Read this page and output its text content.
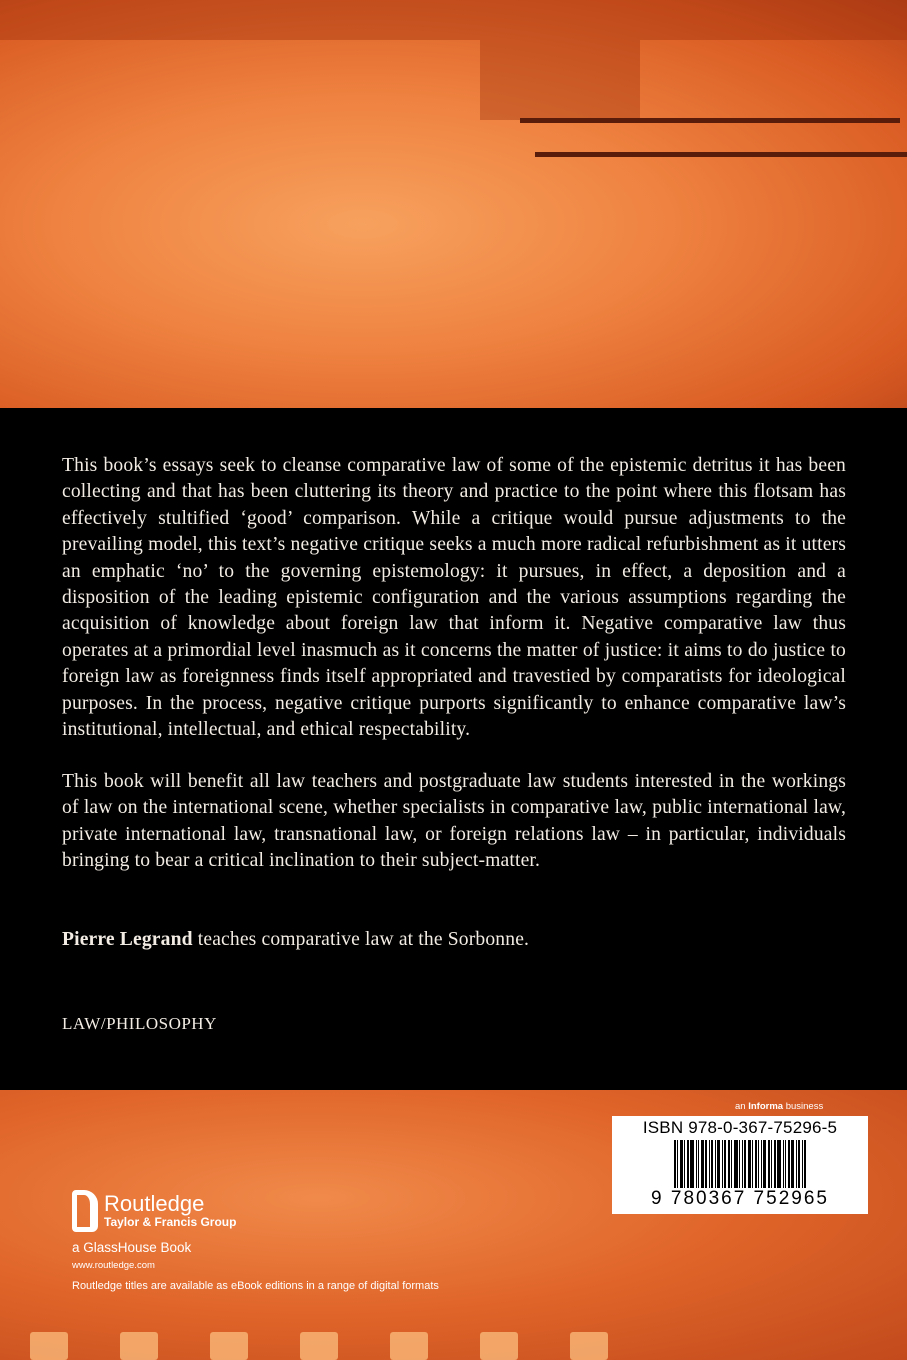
This book’s essays seek to cleanse comparative law of some of the epistemic detritus it has been collecting and that has been cluttering its theory and practice to the point where this flotsam has effectively stultified ‘good’ comparison. While a critique would pursue adjustments to the prevailing model, this text’s negative critique seeks a much more radical refurbishment as it utters an emphatic ‘no’ to the governing epistemology: it pursues, in effect, a deposition and a disposition of the leading epistemic configuration and the various assumptions regarding the acquisition of knowledge about foreign law that inform it. Negative comparative law thus operates at a primordial level inasmuch as it concerns the matter of justice: it aims to do justice to foreign law as foreignness finds itself appropriated and travestied by comparatists for ideological purposes. In the process, negative critique purports significantly to enhance comparative law’s institutional, intellectual, and ethical respectability.

This book will benefit all law teachers and postgraduate law students interested in the workings of law on the international scene, whether specialists in comparative law, public international law, private international law, transnational law, or foreign relations law – in particular, individuals bringing to bear a critical inclination to their subject-matter.

Pierre Legrand teaches comparative law at the Sorbonne.

LAW/PHILOSOPHY
Routledge
Taylor & Francis Group
a GlassHouse Book
www.routledge.com
Routledge titles are available as eBook editions in a range of digital formats
an Informa business
ISBN 978-0-367-75296-5
9 780367 752965
